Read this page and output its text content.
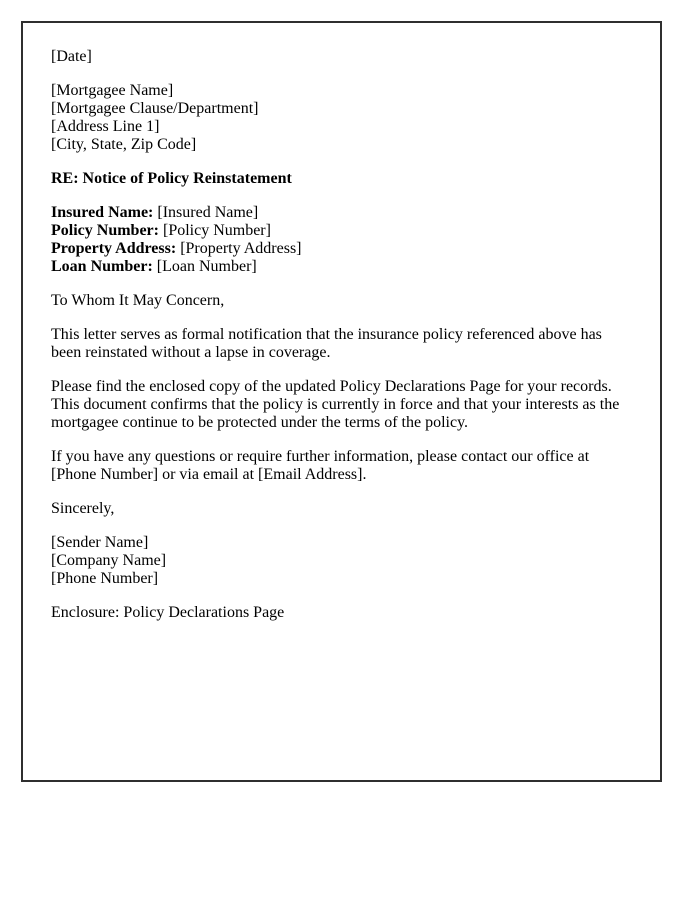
[Date]

[Mortgagee Name]
[Mortgagee Clause/Department]
[Address Line 1]
[City, State, Zip Code]

RE: Notice of Policy Reinstatement

Insured Name: [Insured Name]
Policy Number: [Policy Number]
Property Address: [Property Address]
Loan Number: [Loan Number]

To Whom It May Concern,

This letter serves as formal notification that the insurance policy referenced above has been reinstated without a lapse in coverage.

Please find the enclosed copy of the updated Policy Declarations Page for your records. This document confirms that the policy is currently in force and that your interests as the mortgagee continue to be protected under the terms of the policy.

If you have any questions or require further information, please contact our office at [Phone Number] or via email at [Email Address].

Sincerely,

[Sender Name]
[Company Name]
[Phone Number]

Enclosure: Policy Declarations Page
